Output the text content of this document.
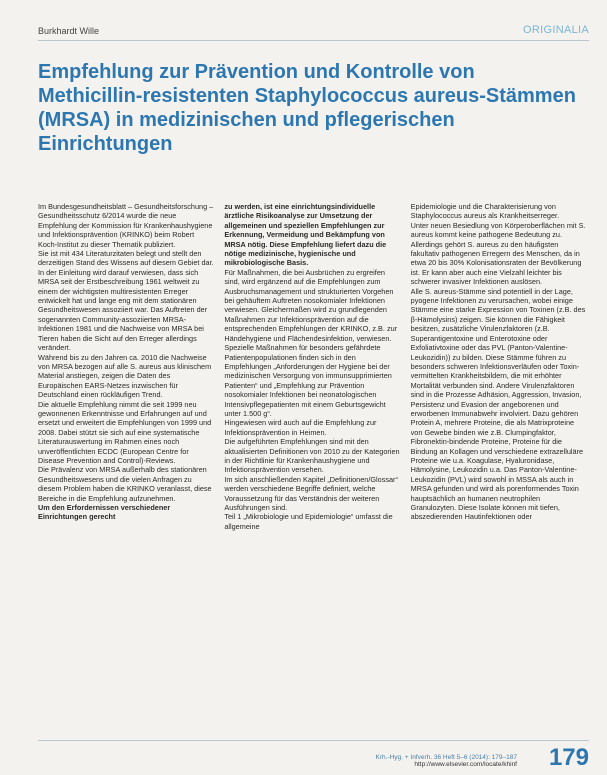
Burkhardt Wille	ORIGINALIA
Empfehlung zur Prävention und Kontrolle von Methicillin-resistenten Staphylococcus aureus-Stämmen (MRSA) in medizinischen und pflegerischen Einrichtungen

Im Bundesgesundheitsblatt – Gesundheitsforschung – Gesundheitsschutz 6/2014 wurde die neue Empfehlung der Kommission für Krankenhaushygiene und Infektionsprävention (KRINKO) beim Robert Koch-Institut zu dieser Thematik publiziert.

Sie ist mit 434 Literaturzitaten belegt und stellt den derzeitigen Stand des Wissens auf diesem Gebiet dar.

In der Einleitung wird darauf verwiesen, dass sich MRSA seit der Erstbeschreibung 1961 weltweit zu einem der wichtigsten multiresistenten Erreger entwickelt hat und lange eng mit dem stationären Gesundheitswesen assoziiert war. Das Auftreten der sogenannten Community-assoziierten MRSA-Infektionen 1981 und die Nachweise von MRSA bei Tieren haben die Sicht auf den Erreger allerdings verändert.

Während bis zu den Jahren ca. 2010 die Nachweise von MRSA bezogen auf alle S. aureus aus klinischem Material anstiegen, zeigen die Daten des Europäischen EARS-Netzes inzwischen für Deutschland einen rückläufigen Trend.

Die aktuelle Empfehlung nimmt die seit 1999 neu gewonnenen Erkenntnisse und Erfahrungen auf und ersetzt und erweitert die Empfehlungen von 1999 und 2008. Dabei stützt sie sich auf eine systematische Literaturauswertung im Rahmen eines noch unveröffentlichten ECDC (European Centre for Disease Prevention and Control)-Reviews.

Die Prävalenz von MRSA außerhalb des stationären Gesundheitswesens und die vielen Anfragen zu diesem Problem haben die KRINKO veranlasst, diese Bereiche in die Empfehlung aufzunehmen.

Um den Erfordernissen verschiedener Einrichtungen gerecht

zu werden, ist eine einrichtungsindividuelle ärztliche Risikoanalyse zur Umsetzung der allgemeinen und speziellen Empfehlungen zur Erkennung, Vermeidung und Bekämpfung von MRSA nötig. Diese Empfehlung liefert dazu die nötige medizinische, hygienische und mikrobiologische Basis.

Für Maßnahmen, die bei Ausbrüchen zu ergreifen sind, wird ergänzend auf die Empfehlungen zum Ausbruchsmanagement und strukturierten Vorgehen bei gehäuftem Auftreten nosokomialer Infektionen verwiesen. Gleichermaßen wird zu grundlegenden Maßnahmen zur Infektionsprävention auf die entsprechenden Empfehlungen der KRINKO, z.B. zur Händehygiene und Flächendesinfektion, verwiesen. Spezielle Maßnahmen für besonders gefährdete Patientenpopulationen finden sich in den Empfehlungen „Anforderungen der Hygiene bei der medizinischen Versorgung von immunsupprimierten Patienten“ und „Empfehlung zur Prävention nosokomialer Infektionen bei neonatologischen Intensivpflegepatienten mit einem Geburtsgewicht unter 1.500 g“.

Hingewiesen wird auch auf die Empfehlung zur Infektionsprävention in Heimen.

Die aufgeführten Empfehlungen sind mit den aktualisierten Definitionen von 2010 zu der Kategorien in der Richtlinie für Krankenhaushygiene und Infektionsprävention versehen.

Im sich anschließenden Kapitel „Definitionen/Glossar“ werden verschiedene Begriffe definiert, welche Voraussetzung für das Verständnis der weiteren Ausführungen sind.

Teil 1 „Mikrobiologie und Epidemiologie“ umfasst die allgemeine

Epidemiologie und die Charakterisierung von Staphylococcus aureus als Krankheitserreger.

Unter neuen Besiedlung von Körperoberflächen mit S. aureus kommt keine pathogene Bedeutung zu.

Allerdings gehört S. aureus zu den häufigsten fakultativ pathogenen Erregern des Menschen, da in etwa 20 bis 30% Kolonisationsraten der Bevölkerung ist. Er kann aber auch eine Vielzahl leichter bis schwerer invasiver Infektionen auslösen.

Alle S. aureus-Stämme sind potentiell in der Lage, pyogene Infektionen zu verursachen, wobei einige Stämme eine starke Expression von Toxinen (z.B. des β-Hämolysins) zeigen. Sie können die Fähigkeit besitzen, zusätzliche Virulenzfaktoren (z.B. Superantigentoxine und Enterotoxine oder Exfoliativtoxine oder das PVL (Panton-Valentine-Leukozidin)) zu bilden. Diese Stämme führen zu besonders schweren Infektionsverläufen oder Toxin-vermittelten Krankheitsbildern, die mit erhöhter Mortalität verbunden sind. Andere Virulenzfaktoren sind in die Prozesse Adhäsion, Aggression, Invasion, Persistenz und Evasion der angeborenen und erworbenen Immunabwehr involviert. Dazu gehören Protein A, mehrere Proteine, die als Matrixproteine von Gewebe binden wie z.B. Clumpingfaktor, Fibronektin-bindende Proteine, Proteine für die Bindung an Kollagen und verschiedene extrazelluläre Proteine wie u.a. Koagulase, Hyaluronidase, Hämolysine, Leukozidin u.a. Das Panton-Valentine-Leukozidin (PVL) wird sowohl in MSSA als auch in MRSA gefunden und wird als porenformendes Toxin hauptsächlich an humanen neutrophilen Granulozyten. Diese Isolate können mit tiefen, abszedierenden Hautinfektionen oder

Krh.-Hyg. + Infverh. 36 Heft 5–6 (2014): 179–187
http://www.elsevier.com/locate/khinf 179
